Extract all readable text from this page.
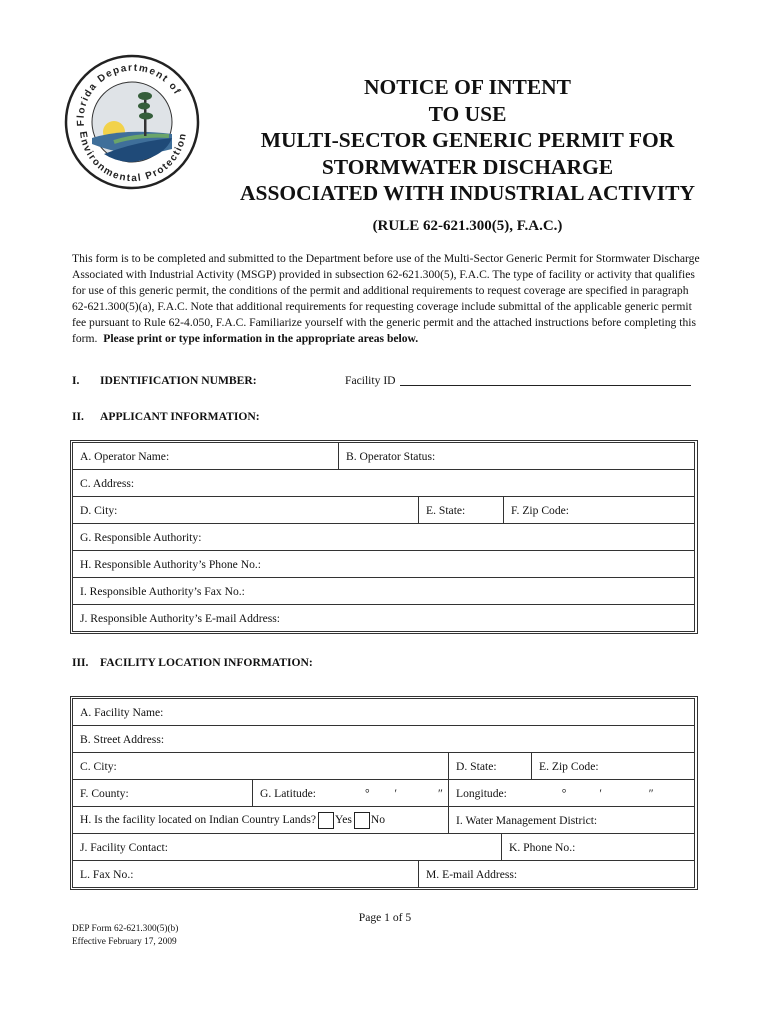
Florida Department of
Environmental Protection
NOTICE OF INTENT
TO USE
MULTI-SECTOR GENERIC PERMIT FOR
STORMWATER DISCHARGE
ASSOCIATED WITH INDUSTRIAL ACTIVITY
(RULE 62-621.300(5), F.A.C.)
This form is to be completed and submitted to the Department before use of the Multi-Sector Generic Permit for Stormwater Discharge Associated with Industrial Activity (MSGP) provided in subsection 62-621.300(5), F.A.C. The type of facility or activity that qualifies for use of this generic permit, the conditions of the permit and additional requirements to request coverage are specified in paragraph 62-621.300(5)(a), F.A.C. Note that additional requirements for requesting coverage include submittal of the applicable generic permit fee pursuant to Rule 62-4.050, F.A.C. Familiarize yourself with the generic permit and the attached instructions before completing this form. Please print or type information in the appropriate areas below.
I. IDENTIFICATION NUMBER:	Facility ID
II. APPLICANT INFORMATION:
A. Operator Name:	B. Operator Status:		
C. Address:			
D. City:		E. State:	F. Zip Code:
G. Responsible Authority:			
H. Responsible Authority’s Phone No.:			
I. Responsible Authority’s Fax No.:			
J. Responsible Authority’s E-mail Address:			
III. FACILITY LOCATION INFORMATION:
A. Facility Name:					
B. Street Address:					
C. City:			D. State:		E. Zip Code:
F. County:	G. Latitude: ° ′ ″		Longitude: ° ′ ″		
H. Is the facility located on Indian Country Lands? Yes No			I. Water Management District:		
J. Facility Contact:				K. Phone No.:	
L. Fax No.:		M. E-mail Address:			
Page 1 of 5
DEP Form 62-621.300(5)(b)
Effective February 17, 2009
